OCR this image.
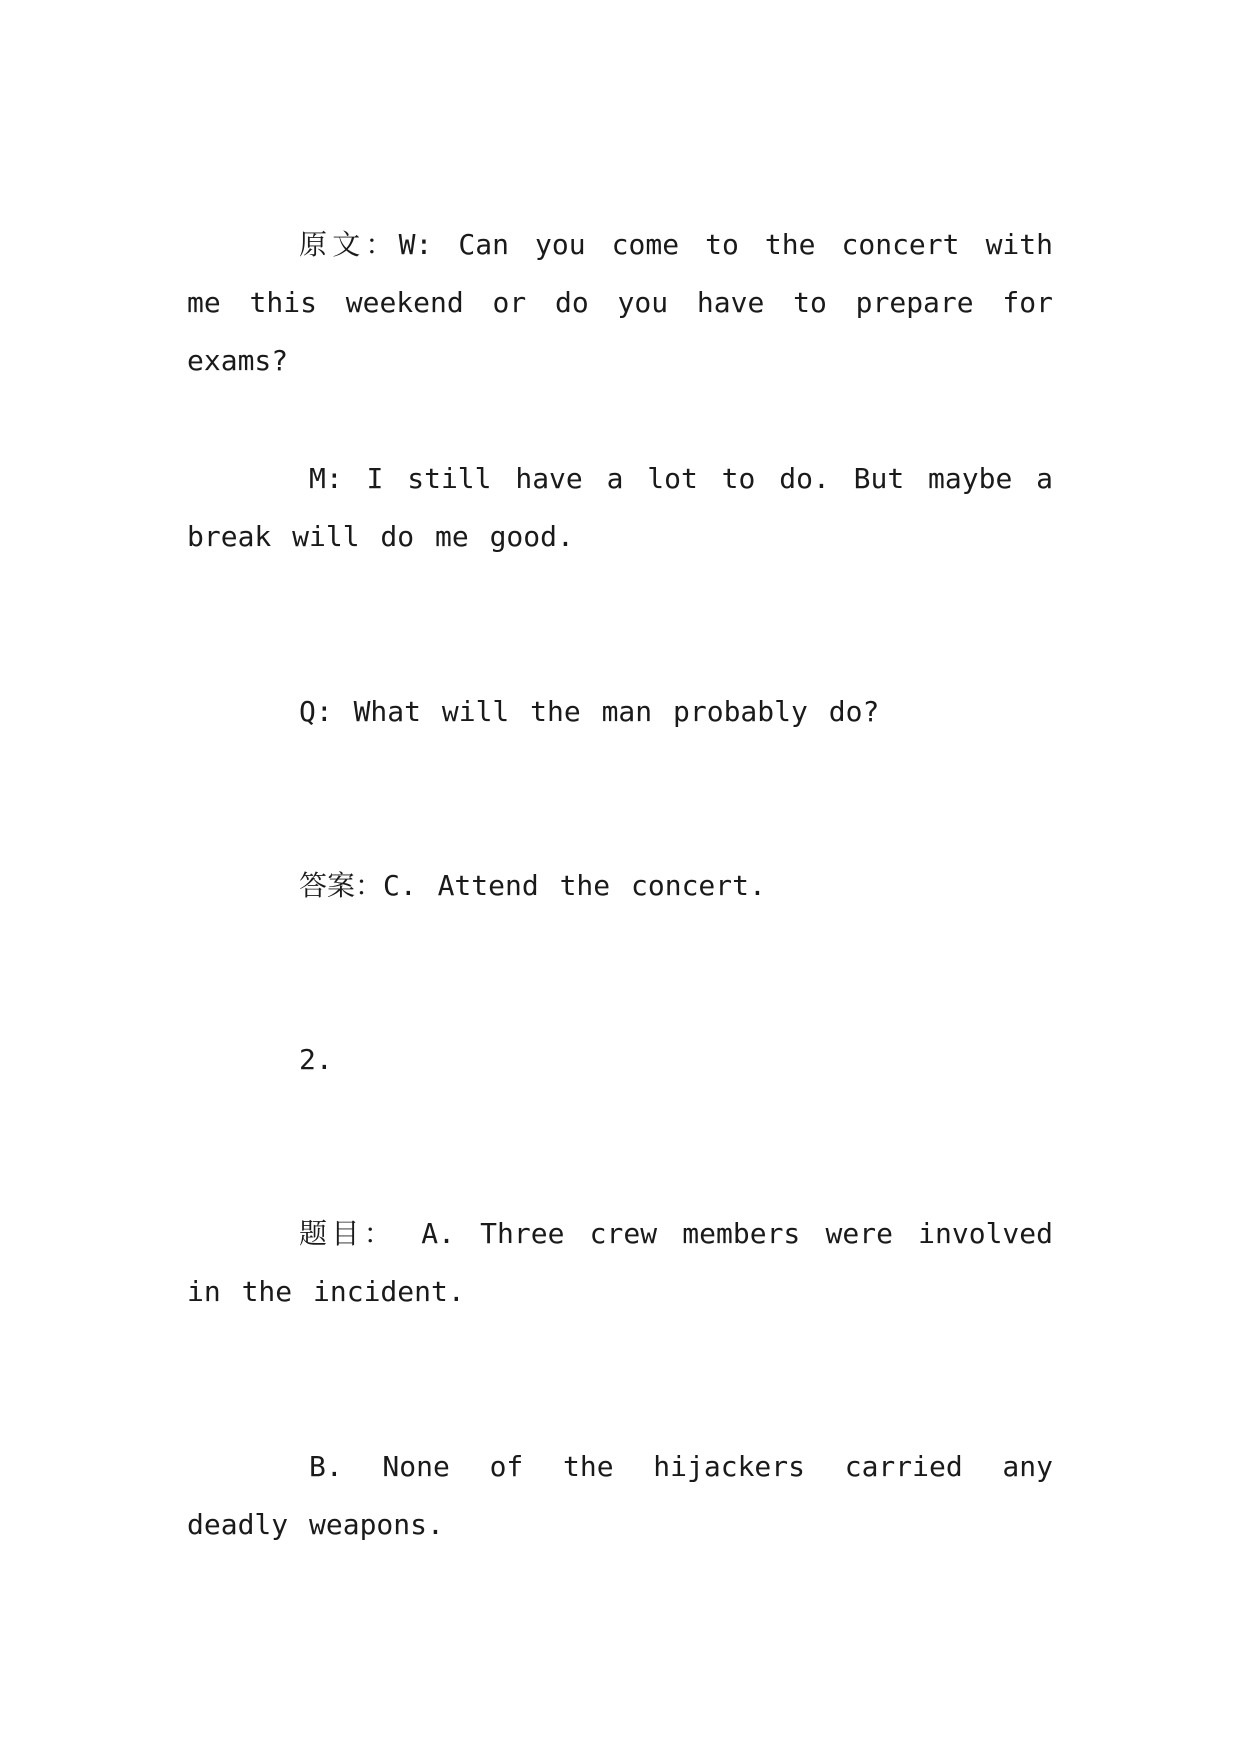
原文：W: Can you come to the concert with me this weekend or do you have to prepare for exams?

M: I still have a lot to do. But maybe a break will do me good.

Q: What will the man probably do?

答案：C. Attend the concert.

2.

题目： A. Three crew members were involved in the incident.

B. None of the hijackers carried any deadly weapons.
